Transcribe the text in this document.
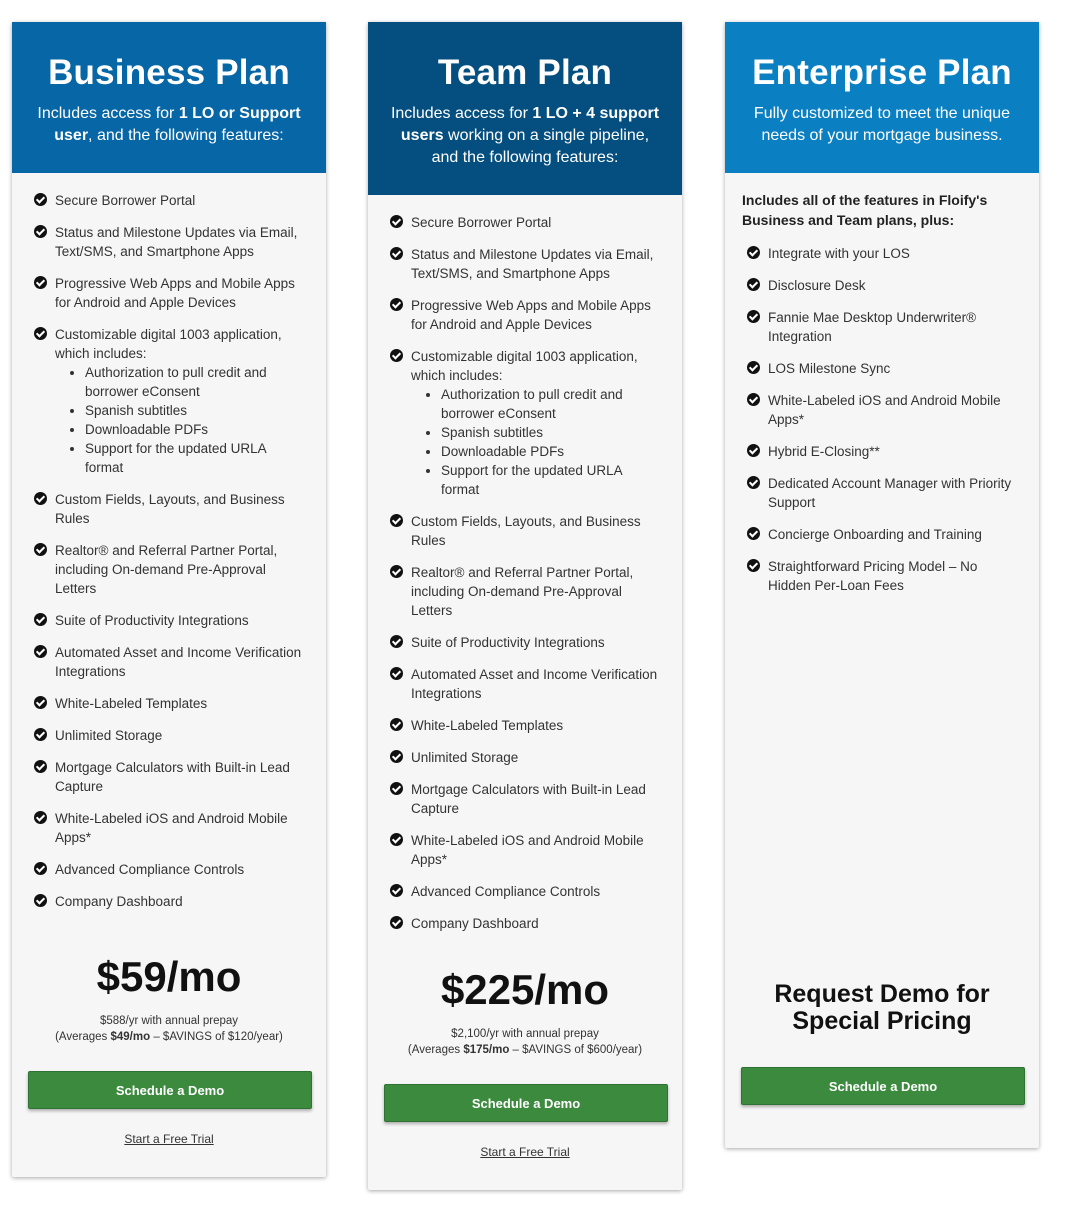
Business Plan
Includes access for 1 LO or Support user, and the following features:
Secure Borrower Portal
Status and Milestone Updates via Email, Text/SMS, and Smartphone Apps
Progressive Web Apps and Mobile Apps for Android and Apple Devices
Customizable digital 1003 application, which includes:
• Authorization to pull credit and borrower eConsent
• Spanish subtitles
• Downloadable PDFs
• Support for the updated URLA format
Custom Fields, Layouts, and Business Rules
Realtor® and Referral Partner Portal, including On-demand Pre-Approval Letters
Suite of Productivity Integrations
Automated Asset and Income Verification Integrations
White-Labeled Templates
Unlimited Storage
Mortgage Calculators with Built-in Lead Capture
White-Labeled iOS and Android Mobile Apps*
Advanced Compliance Controls
Company Dashboard
$59/mo
$588/yr with annual prepay
(Averages $49/mo – $AVINGS of $120/year)
Schedule a Demo
Start a Free Trial
Team Plan
Includes access for 1 LO + 4 support users working on a single pipeline, and the following features:
Secure Borrower Portal
Status and Milestone Updates via Email, Text/SMS, and Smartphone Apps
Progressive Web Apps and Mobile Apps for Android and Apple Devices
Customizable digital 1003 application, which includes:
• Authorization to pull credit and borrower eConsent
• Spanish subtitles
• Downloadable PDFs
• Support for the updated URLA format
Custom Fields, Layouts, and Business Rules
Realtor® and Referral Partner Portal, including On-demand Pre-Approval Letters
Suite of Productivity Integrations
Automated Asset and Income Verification Integrations
White-Labeled Templates
Unlimited Storage
Mortgage Calculators with Built-in Lead Capture
White-Labeled iOS and Android Mobile Apps*
Advanced Compliance Controls
Company Dashboard
$225/mo
$2,100/yr with annual prepay
(Averages $175/mo – $AVINGS of $600/year)
Schedule a Demo
Start a Free Trial
Enterprise Plan
Fully customized to meet the unique needs of your mortgage business.

Includes all of the features in Floify's Business and Team plans, plus:

Integrate with your LOS
Disclosure Desk
Fannie Mae Desktop Underwriter® Integration
LOS Milestone Sync
White-Labeled iOS and Android Mobile Apps*
Hybrid E-Closing**
Dedicated Account Manager with Priority Support
Concierge Onboarding and Training
Straightforward Pricing Model – No Hidden Per-Loan Fees
Request Demo for
Special Pricing
Schedule a Demo
